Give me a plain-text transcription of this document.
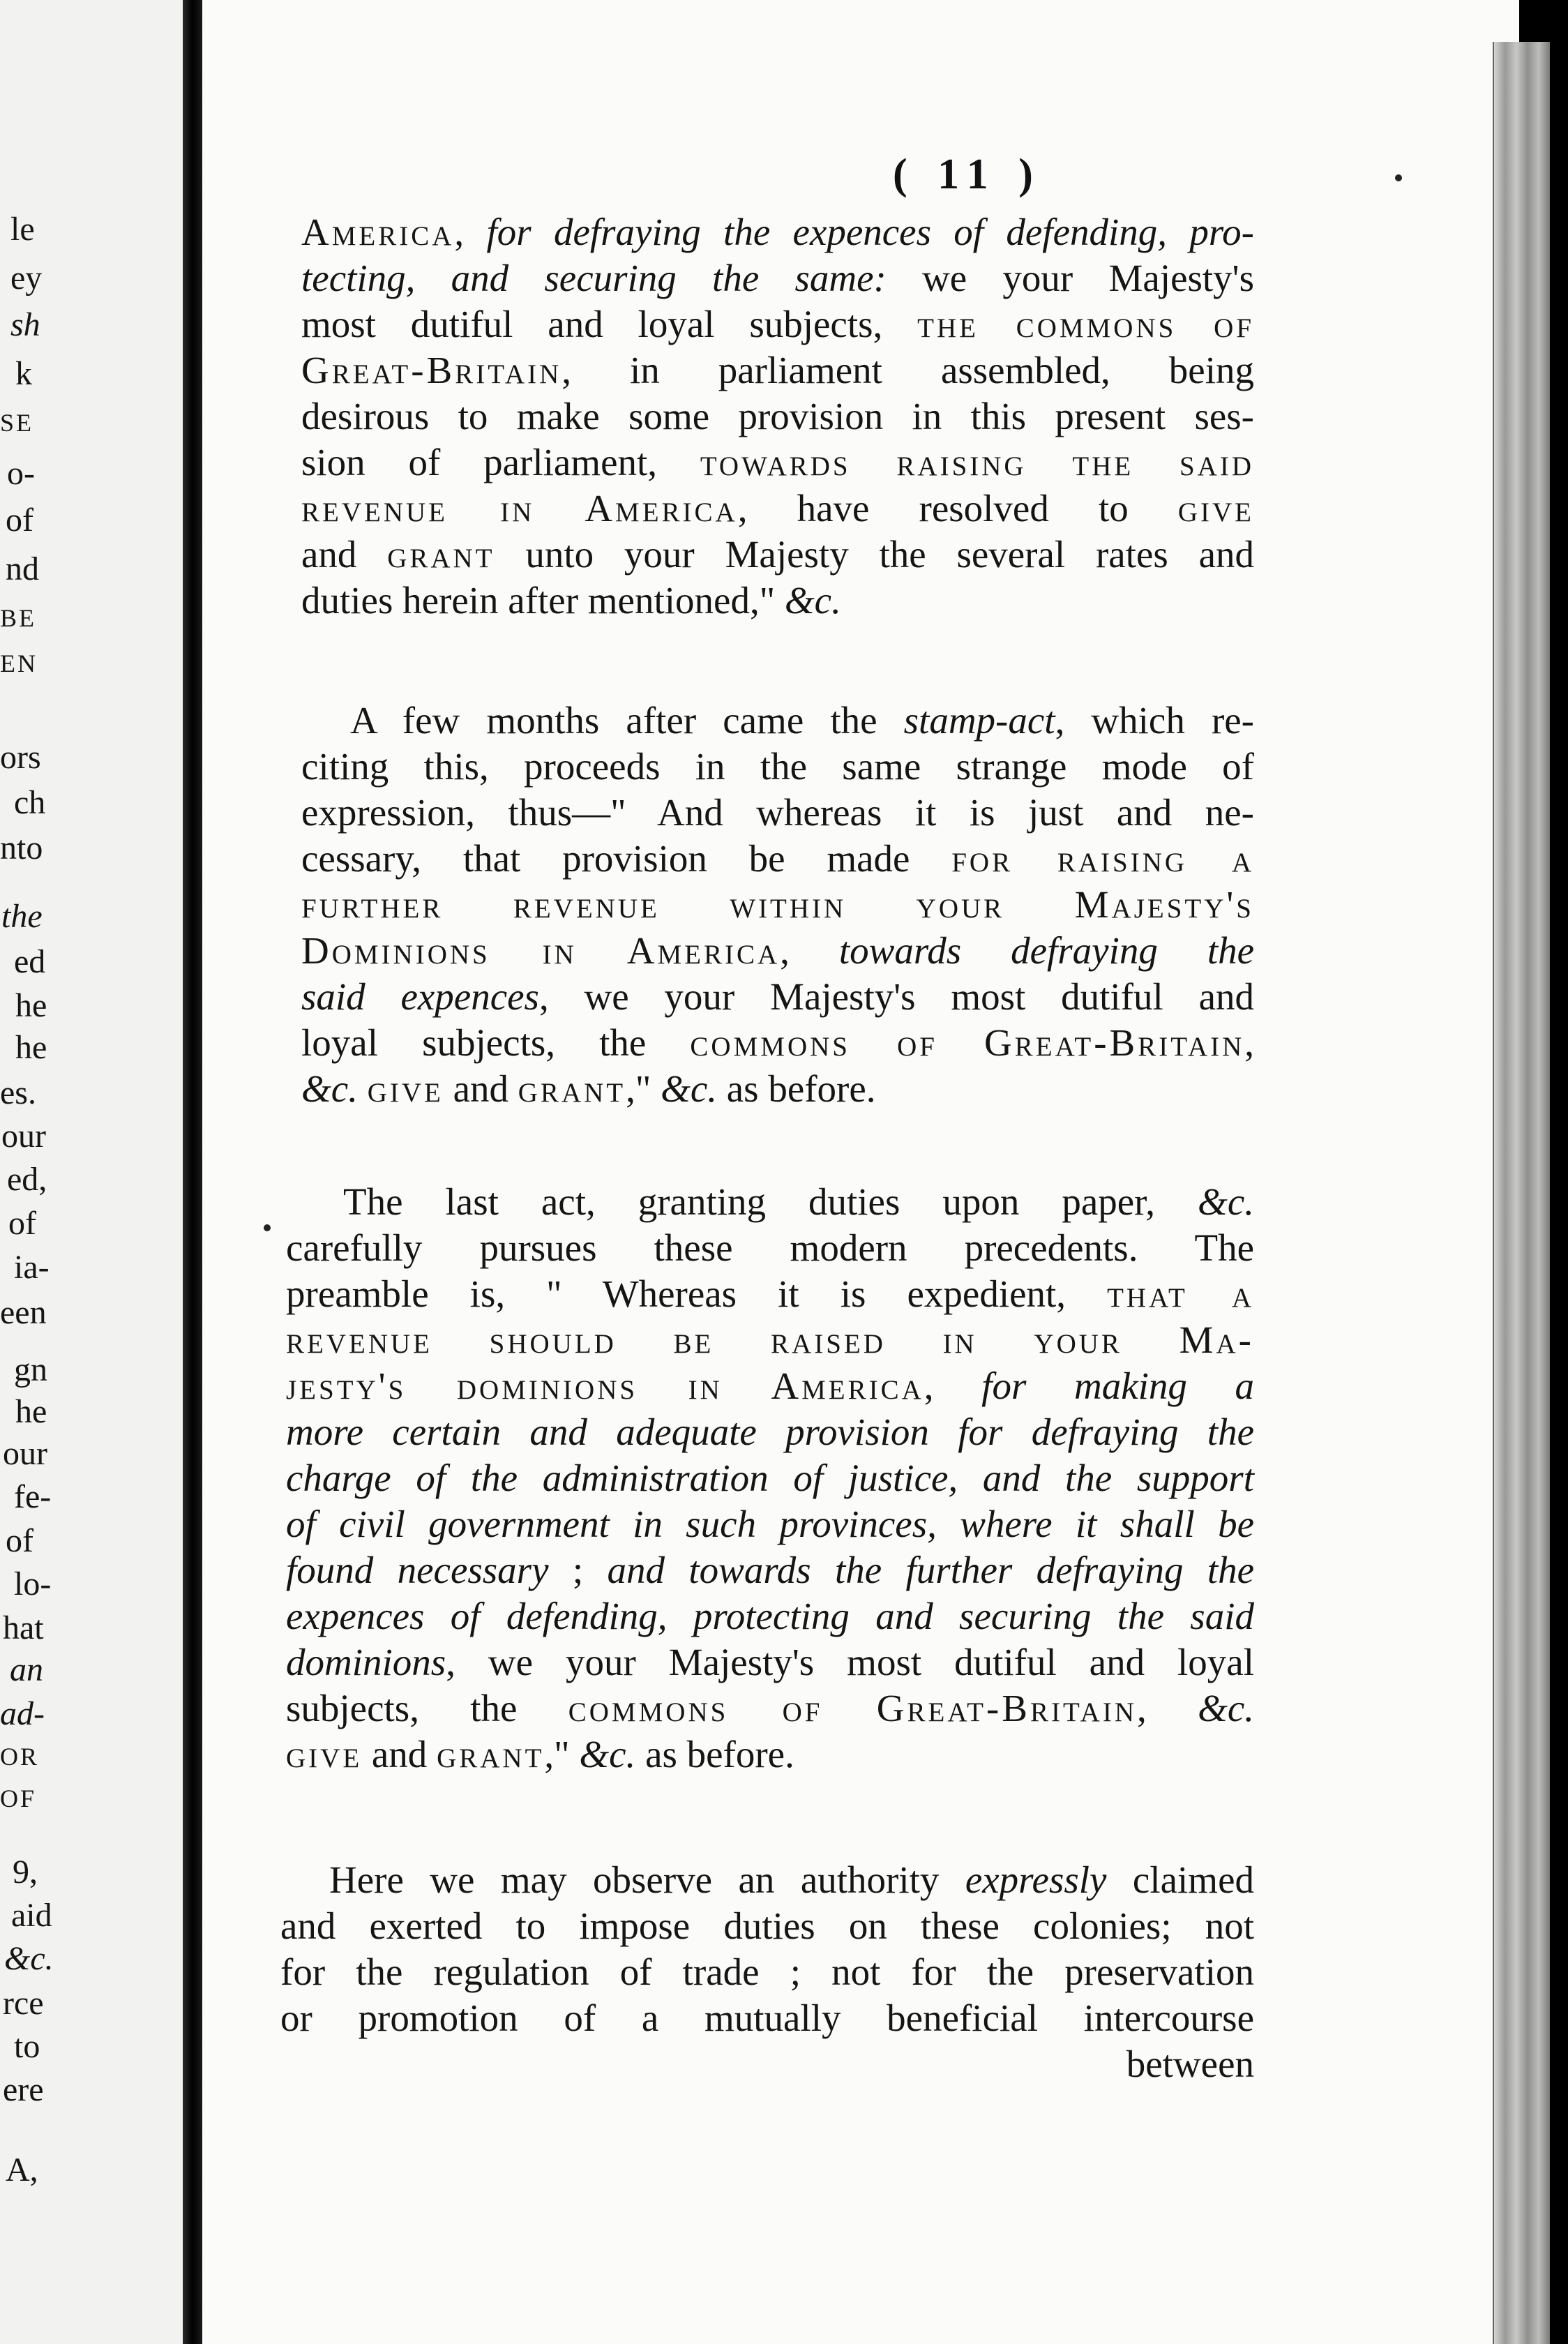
le
ey
sh
k
SE
o-
of
nd
BE
EN
ors
ch
nto
the
ed
he
he
es.
our
ed,
of
ia-
een
gn
he
our
fe-
of
lo-
hat
an
ad-
OR
OF
9,
aid
&c.
rce
to
ere
A,
( 11 )
America, for defraying the expences of defending, pro-
tecting, and securing the same: we your Majesty's
most dutiful and loyal subjects, the commons of
Great-Britain, in parliament assembled, being
desirous to make some provision in this present ses-
sion of parliament, towards raising the said
revenue in America, have resolved to give
and grant unto your Majesty the several rates and
duties herein after mentioned," &c.
A few months after came the stamp-act, which re-
citing this, proceeds in the same strange mode of
expression, thus—" And whereas it is just and ne-
cessary, that provision be made for raising a
further revenue within your Majesty's
Dominions in America, towards defraying the
said expences, we your Majesty's most dutiful and
loyal subjects, the commons of Great-Britain,
&c. give and grant," &c. as before.
The last act, granting duties upon paper, &c.
carefully pursues these modern precedents. The
preamble is, " Whereas it is expedient, that a
revenue should be raised in your Ma-
jesty's dominions in America, for making a
more certain and adequate provision for defraying the
charge of the administration of justice, and the support
of civil government in such provinces, where it shall be
found necessary ; and towards the further defraying the
expences of defending, protecting and securing the said
dominions, we your Majesty's most dutiful and loyal
subjects, the commons of Great-Britain, &c.
give and grant," &c. as before.
Here we may observe an authority expressly claimed
and exerted to impose duties on these colonies; not
for the regulation of trade ; not for the preservation
or promotion of a mutually beneficial intercourse
between
